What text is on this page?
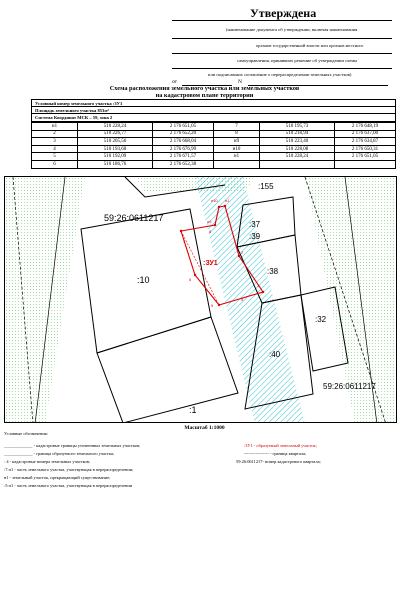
Утверждена
(наименование документа об утверждении, включая наименования
органов государственной власти или органов местного
самоуправления, принявших решение об утверждении схемы
или подписавших соглашение о перераспределении земельных участков)
от	N
Схема расположения земельного участка или земельных участков
на кадастровом плане территории
Условный номер земельного участка :3У1
Площадь земельного участка 853м²
Система Координат МСК – 59, зона 2
н1	510 228,24	2 176 651,05	7	510 195,73	2 176 648,19
2	510 226,77	2 176 652,20	8	510 218,94	2 176 637,00
3	510 205,56	2 176 668,04	н9	510 223,40	2 176 634,87
4	510 193,60	2 176 676,99	н10	510 228,08	2 176 650,31
5	510 192,09	2 176 671,57	н1	510 228,24	2 176 651,05
6	510 186,76	2 176 652,38			
:155
59:26:0611217
:37
:39
:10
:ЗУ1
:38
:32
:40
:1
59:26:0611217
н10 н1
н9
2
3
4
5
6
7
8
Масштаб 1:1000
Условные обозначения:
_____________ - кадастровые границы уточненных земельных участков;	:3У1 - образуемый земельный участок;
_____________ - граница образуемого земельного участка;	----------------- - граница квартала;
: 4 - кадастровые номера земельных участков;	59:26:0611217- номер кадастрового квартала;
:7:п1 - часть земельного участка, участвующая в перераспределении;
н1 - земельный участок, прекращающий существование;
:5:п1 - часть земельного участка, участвующая в перераспределении
